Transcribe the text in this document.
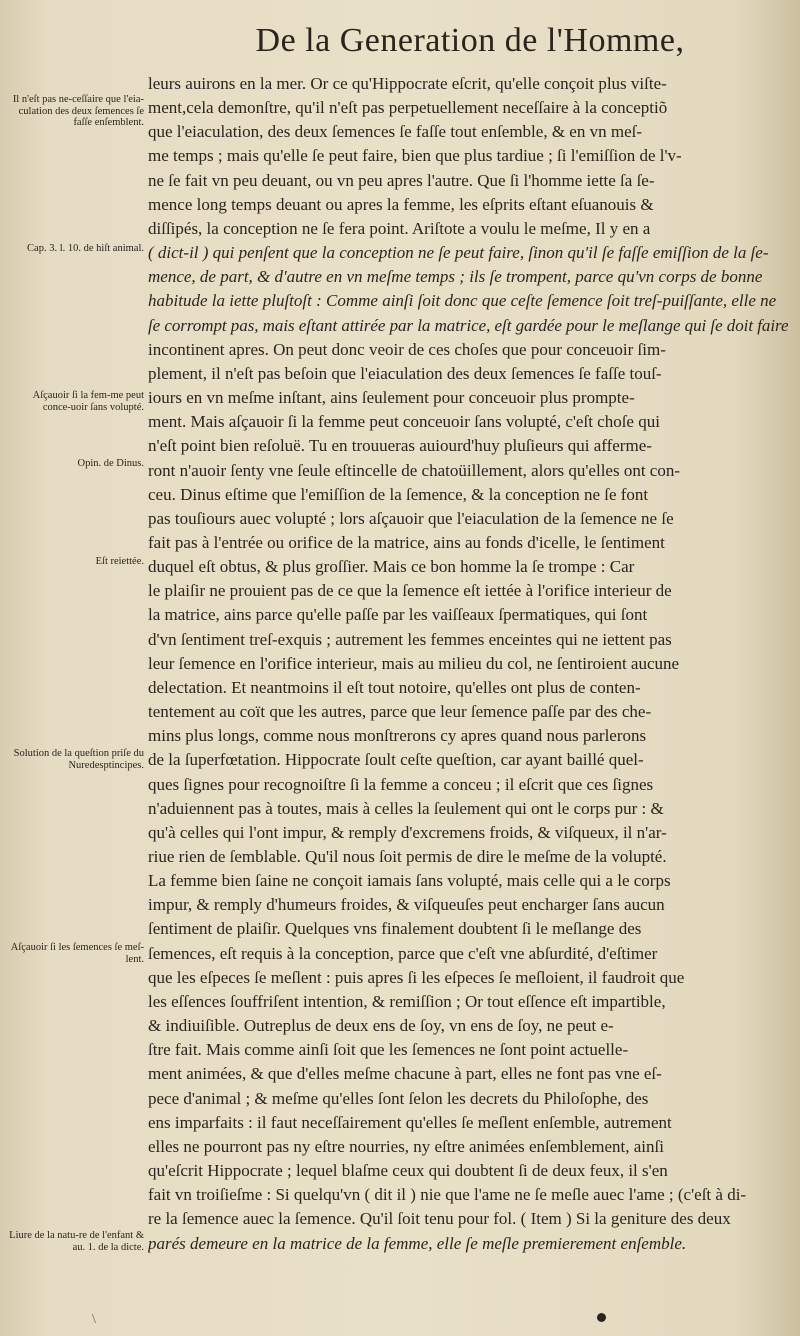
De la Generation de l'Homme,
Il n'eſt pas ne-ceſſaire que l'eia-culation des deux ſemences ſe faſſe enſemblent.
Cap. 3. l. 10. de hiſt animal.
Aſçauoir ſi la fem-me peut conce-uoir ſans volupté.
Opin. de Dinus.
Eſt reiettée.
Solution de la queſtion priſe du Nuredesptincipes.
Aſçauoir ſi les ſemences ſe meſ-lent.
Liure de la natu-re de l'enfant & au. 1. de la dicte.
leurs auirons en la mer. Or ce qu'Hippocrate eſcrit, qu'elle conçoit plus viſte-
ment,cela demonſtre, qu'il n'eſt pas perpetuellement neceſſaire à la conceptiõ
que l'eiaculation, des deux ſemences ſe faſſe tout enſemble, & en vn meſ-
me temps ; mais qu'elle ſe peut faire, bien que plus tardiue ; ſi l'emiſſion de l'v-
ne ſe fait vn peu deuant, ou vn peu apres l'autre. Que ſi l'homme iette ſa ſe-
mence long temps deuant ou apres la femme, les eſprits eſtant eſuanouis &
diſſipés, la conception ne ſe fera point. Ariſtote a voulu le meſme, Il y en a
( dict-il ) qui penſent que la conception ne ſe peut faire, ſinon qu'il ſe faſſe emiſſion de la ſe-
mence, de part, & d'autre en vn meſme temps ; ils ſe trompent, parce qu'vn corps de bonne
habitude la iette pluſtoſt : Comme ainſi ſoit donc que ceſte ſemence ſoit treſ-puiſſante, elle ne
ſe corrompt pas, mais eſtant attirée par la matrice, eſt gardée pour le meſlange qui ſe doit faire
incontinent apres. On peut donc veoir de ces choſes que pour conceuoir ſim-
plement, il n'eſt pas beſoin que l'eiaculation des deux ſemences ſe faſſe touſ-
iours en vn meſme inſtant, ains ſeulement pour conceuoir plus prompte-
ment. Mais aſçauoir ſi la femme peut conceuoir ſans volupté, c'eſt choſe qui
n'eſt point bien reſoluë. Tu en trouueras auiourd'huy pluſieurs qui afferme-
ront n'auoir ſenty vne ſeule eſtincelle de chatoüillement, alors qu'elles ont con-
ceu. Dinus eſtime que l'emiſſion de la ſemence, & la conception ne ſe font
pas touſiours auec volupté ; lors aſçauoir que l'eiaculation de la ſemence ne ſe
fait pas à l'entrée ou orifice de la matrice, ains au fonds d'icelle, le ſentiment
duquel eſt obtus, & plus groſſier. Mais ce bon homme la ſe trompe : Car
le plaiſir ne prouient pas de ce que la ſemence eſt iettée à l'orifice interieur de
la matrice, ains parce qu'elle paſſe par les vaiſſeaux ſpermatiques, qui ſont
d'vn ſentiment treſ-exquis ; autrement les femmes enceintes qui ne iettent pas
leur ſemence en l'orifice interieur, mais au milieu du col, ne ſentiroient aucune
delectation. Et neantmoins il eſt tout notoire, qu'elles ont plus de conten-
tentement au coït que les autres, parce que leur ſemence paſſe par des che-
mins plus longs, comme nous monſtrerons cy apres quand nous parlerons
de la ſuperfœtation. Hippocrate ſoult ceſte queſtion, car ayant baillé quel-
ques ſignes pour recognoiſtre ſi la femme a conceu ; il eſcrit que ces ſignes
n'aduiennent pas à toutes, mais à celles la ſeulement qui ont le corps pur : &
qu'à celles qui l'ont impur, & remply d'excremens froids, & viſqueux, il n'ar-
riue rien de ſemblable. Qu'il nous ſoit permis de dire le meſme de la volupté.
La femme bien ſaine ne conçoit iamais ſans volupté, mais celle qui a le corps
impur, & remply d'humeurs froides, & viſqueuſes peut encharger ſans aucun
ſentiment de plaiſir. Quelques vns finalement doubtent ſi le meſlange des
ſemences, eſt requis à la conception, parce que c'eſt vne abſurdité, d'eſtimer
que les eſpeces ſe meſlent : puis apres ſi les eſpeces ſe meſloient, il faudroit que
les eſſences ſouffriſent intention, & remiſſion ; Or tout eſſence eſt impartible,
& indiuiſible. Outreplus de deux ens de ſoy, vn ens de ſoy, ne peut e-
ſtre fait. Mais comme ainſi ſoit que les ſemences ne ſont point actuelle-
ment animées, & que d'elles meſme chacune à part, elles ne font pas vne eſ-
pece d'animal ; & meſme qu'elles ſont ſelon les decrets du Philoſophe, des
ens imparfaits : il faut neceſſairement qu'elles ſe meſlent enſemble, autrement
elles ne pourront pas ny eſtre nourries, ny eſtre animées enſemblement, ainſi
qu'eſcrit Hippocrate ; lequel blaſme ceux qui doubtent ſi de deux feux, il s'en
fait vn troiſieſme : Si quelqu'vn ( dit il ) nie que l'ame ne ſe meſle auec l'ame ; (c'eſt à di-
re la ſemence auec la ſemence. Qu'il ſoit tenu pour fol. ( Item ) Si la geniture des deux
parés demeure en la matrice de la femme, elle ſe meſle premierement enſemble.
\
